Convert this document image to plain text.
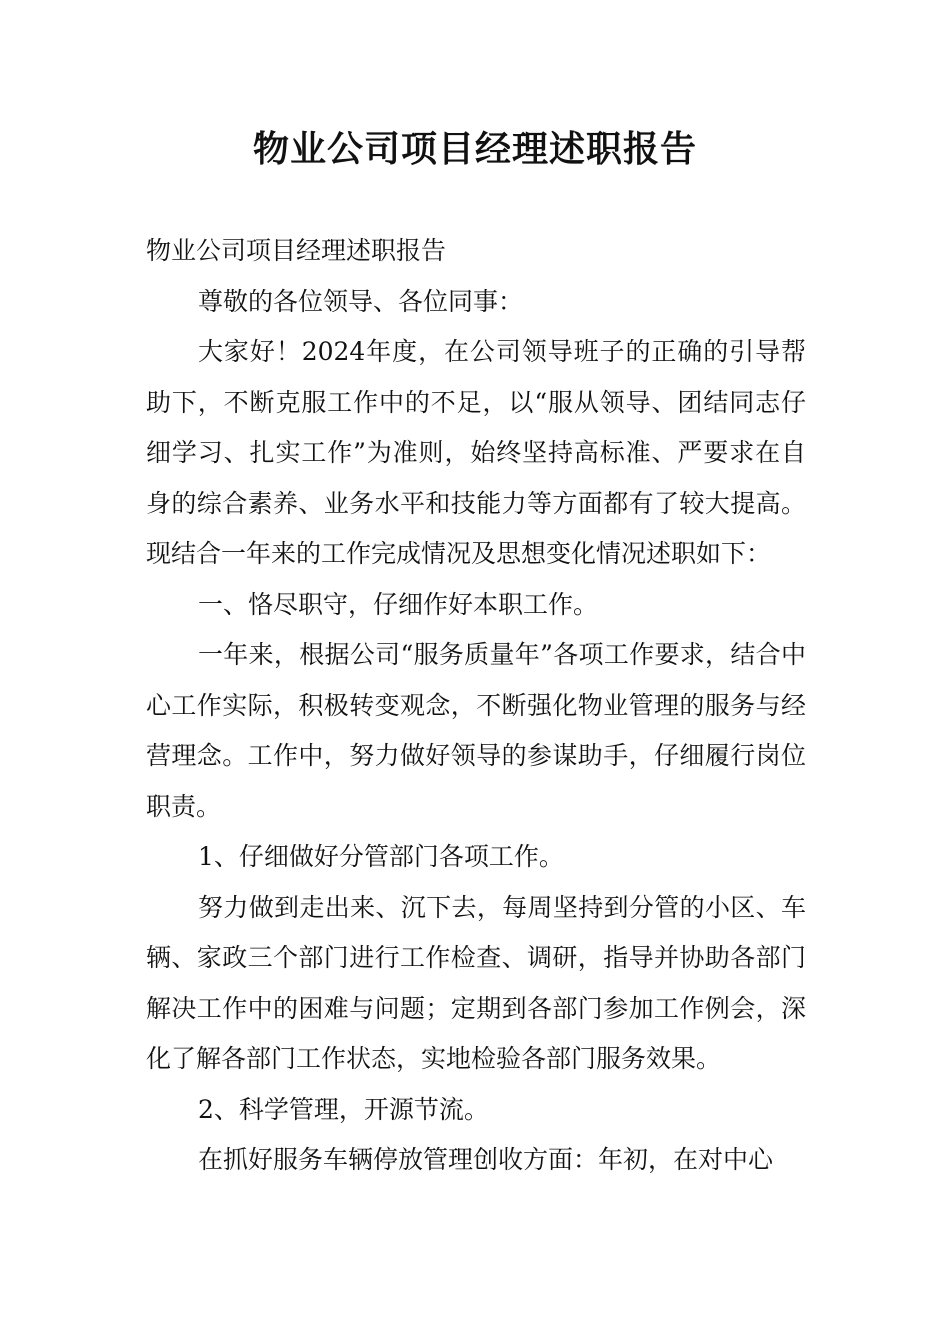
物业公司项目经理述职报告

物业公司项目经理述职报告

尊敬的各位领导、各位同事：

大家好！2024年度，在公司领导班子的正确的引导帮助下，不断克服工作中的不足，以“服从领导、团结同志仔细学习、扎实工作”为准则，始终坚持高标准、严要求在自身的综合素养、业务水平和技能力等方面都有了较大提高。现结合一年来的工作完成情况及思想变化情况述职如下：

一、恪尽职守，仔细作好本职工作。

一年来，根据公司“服务质量年”各项工作要求，结合中心工作实际，积极转变观念，不断强化物业管理的服务与经营理念。工作中，努力做好领导的参谋助手，仔细履行岗位职责。

1、仔细做好分管部门各项工作。

努力做到走出来、沉下去，每周坚持到分管的小区、车辆、家政三个部门进行工作检查、调研，指导并协助各部门解决工作中的困难与问题；定期到各部门参加工作例会，深化了解各部门工作状态，实地检验各部门服务效果。

2、科学管理，开源节流。

在抓好服务车辆停放管理创收方面：年初，在对中心
